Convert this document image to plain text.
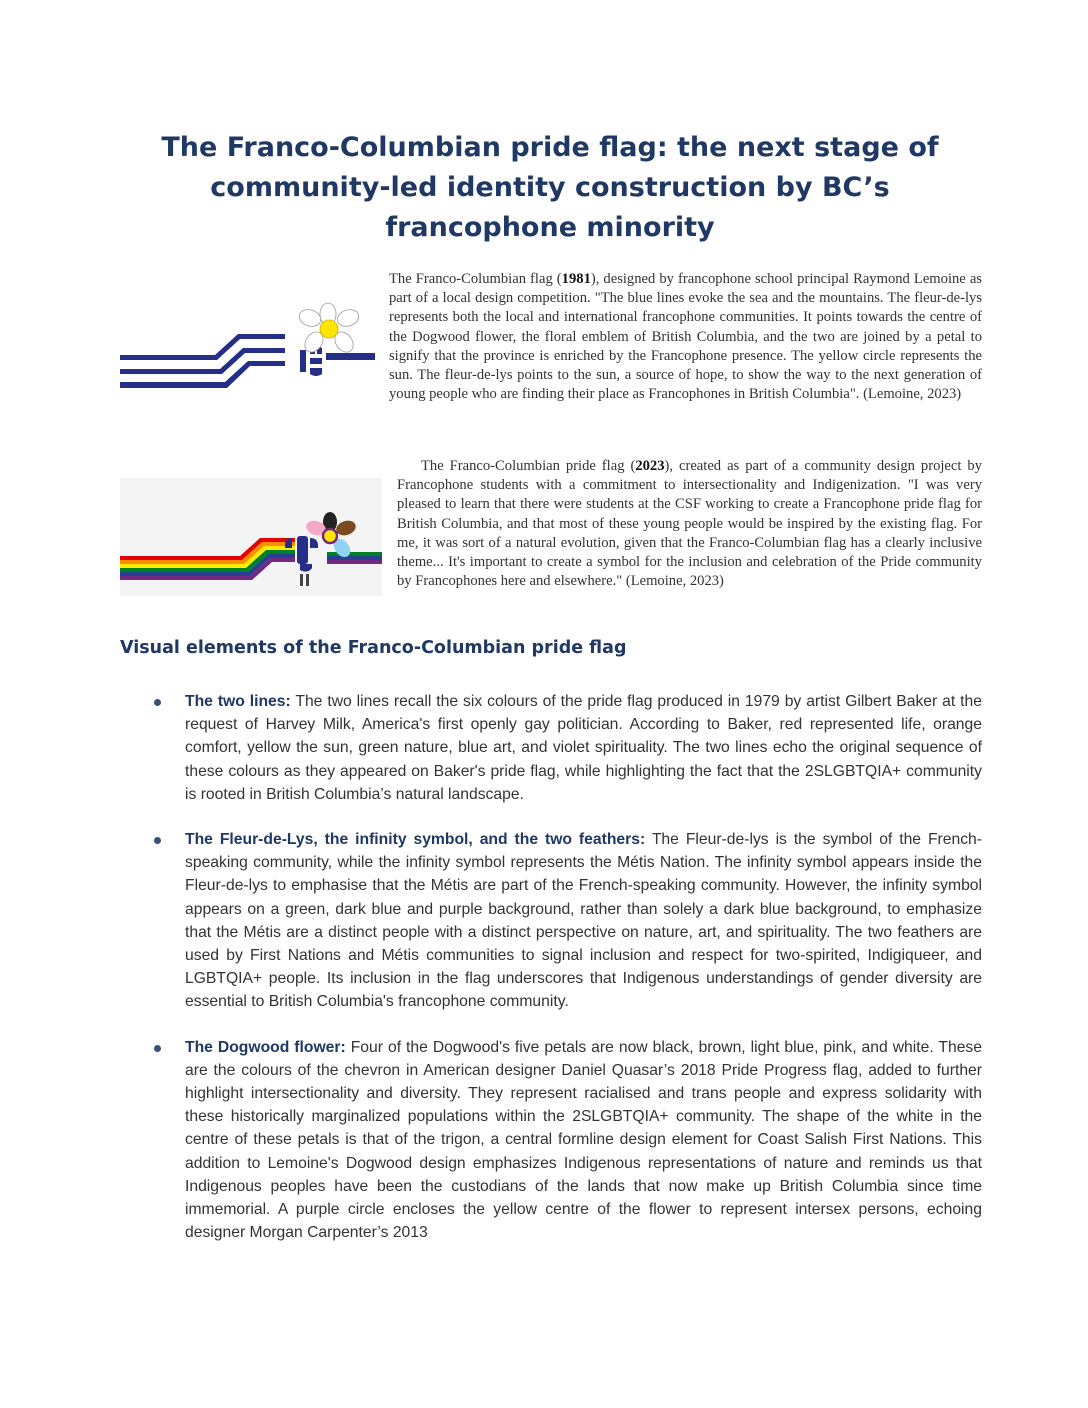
The Franco-Columbian pride flag: the next stage of community-led identity construction by BC’s francophone minority

The Franco-Columbian flag (1981), designed by francophone school principal Raymond Lemoine as part of a local design competition. "The blue lines evoke the sea and the mountains. The fleur-de-lys represents both the local and international francophone communities. It points towards the centre of the Dogwood flower, the floral emblem of British Columbia, and the two are joined by a petal to signify that the province is enriched by the Francophone presence. The yellow circle represents the sun. The fleur-de-lys points to the sun, a source of hope, to show the way to the next generation of young people who are finding their place as Francophones in British Columbia". (Lemoine, 2023)

The Franco-Columbian pride flag (2023), created as part of a community design project by Francophone students with a commitment to intersectionality and Indigenization. "I was very pleased to learn that there were students at the CSF working to create a Francophone pride flag for British Columbia, and that most of these young people would be inspired by the existing flag. For me, it was sort of a natural evolution, given that the Franco-Columbian flag has a clearly inclusive theme... It's important to create a symbol for the inclusion and celebration of the Pride community by Francophones here and elsewhere." (Lemoine, 2023)

Visual elements of the Franco-Columbian pride flag
The two lines: The two lines recall the six colours of the pride flag produced in 1979 by artist Gilbert Baker at the request of Harvey Milk, America's first openly gay politician. According to Baker, red represented life, orange comfort, yellow the sun, green nature, blue art, and violet spirituality. The two lines echo the original sequence of these colours as they appeared on Baker's pride flag, while highlighting the fact that the 2SLGBTQIA+ community is rooted in British Columbia’s natural landscape.
The Fleur-de-Lys, the infinity symbol, and the two feathers: The Fleur-de-lys is the symbol of the French-speaking community, while the infinity symbol represents the Métis Nation. The infinity symbol appears inside the Fleur-de-lys to emphasise that the Métis are part of the French-speaking community. However, the infinity symbol appears on a green, dark blue and purple background, rather than solely a dark blue background, to emphasize that the Métis are a distinct people with a distinct perspective on nature, art, and spirituality. The two feathers are used by First Nations and Métis communities to signal inclusion and respect for two-spirited, Indigiqueer, and LGBTQIA+ people. Its inclusion in the flag underscores that Indigenous understandings of gender diversity are essential to British Columbia's francophone community.
The Dogwood flower: Four of the Dogwood's five petals are now black, brown, light blue, pink, and white. These are the colours of the chevron in American designer Daniel Quasar’s 2018 Pride Progress flag, added to further highlight intersectionality and diversity. They represent racialised and trans people and express solidarity with these historically marginalized populations within the 2SLGBTQIA+ community. The shape of the white in the centre of these petals is that of the trigon, a central formline design element for Coast Salish First Nations. This addition to Lemoine's Dogwood design emphasizes Indigenous representations of nature and reminds us that Indigenous peoples have been the custodians of the lands that now make up British Columbia since time immemorial. A purple circle encloses the yellow centre of the flower to represent intersex persons, echoing designer Morgan Carpenter’s 2013
